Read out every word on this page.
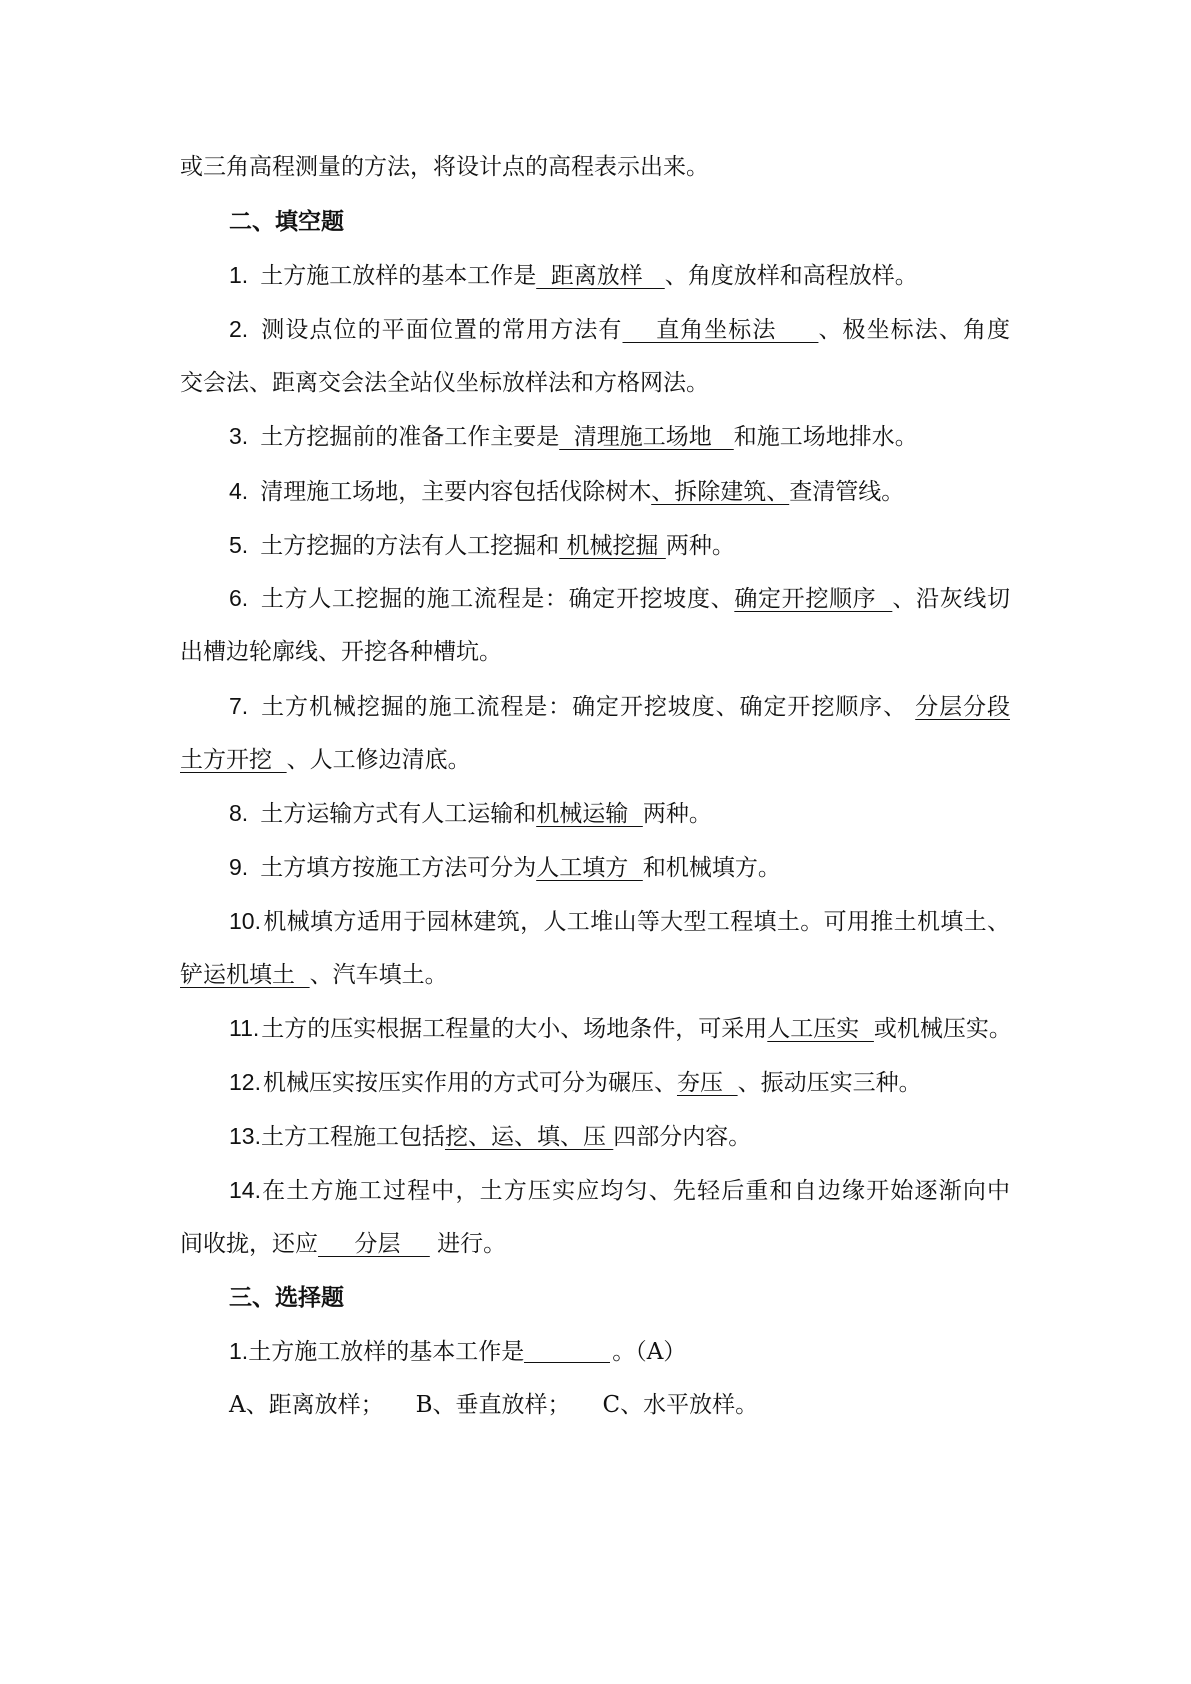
或三角高程测量的方法，将设计点的高程表示出来。
二、填空题
1. 土方施工放样的基本工作是  距离放样   、角度放样和高程放样。
2. 测设点位的平面位置的常用方法有    直角坐标法     、极坐标法、角度
交会法、距离交会法全站仪坐标放样法和方格网法。
3. 土方挖掘前的准备工作主要是  清理施工场地   和施工场地排水。
4. 清理施工场地，主要内容包括伐除树木、拆除建筑、查清管线。
5. 土方挖掘的方法有人工挖掘和 机械挖掘 两种。
6. 土方人工挖掘的施工流程是：确定开挖坡度、确定开挖顺序  、沿灰线切
出槽边轮廓线、开挖各种槽坑。
7. 土方机械挖掘的施工流程是：确定开挖坡度、确定开挖顺序、 分层分段
土方开挖  、人工修边清底。
8. 土方运输方式有人工运输和机械运输  两种。
9. 土方填方按施工方法可分为人工填方  和机械填方。
10.机械填方适用于园林建筑，人工堆山等大型工程填土。可用推土机填土、
铲运机填土  、汽车填土。
11.土方的压实根据工程量的大小、场地条件，可采用人工压实  或机械压实。
12.机械压实按压实作用的方式可分为碾压、夯压  、振动压实三种。
13.土方工程施工包括挖、运、填、压 四部分内容。
14.在土方施工过程中，土方压实应均匀、先轻后重和自边缘开始逐渐向中
间收拢，还应     分层     进行。
三、选择题
1.土方施工放样的基本工作是	。（A）
A、距离放样； B、垂直放样； C、水平放样。
